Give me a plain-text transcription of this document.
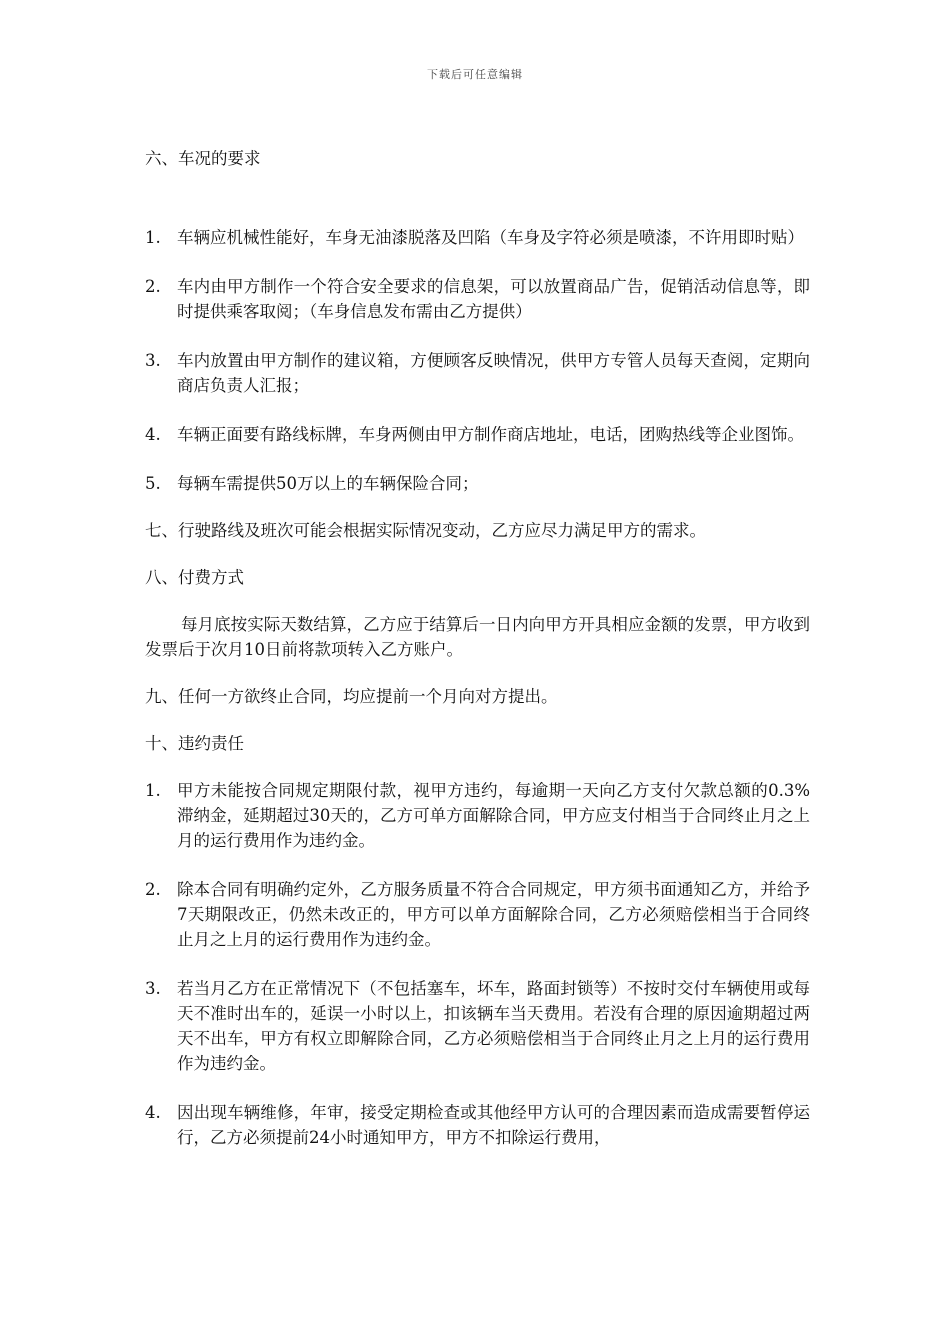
下载后可任意编辑

六、车况的要求

1. 车辆应机械性能好，车身无油漆脱落及凹陷（车身及字符必须是喷漆，不许用即时贴）
2. 车内由甲方制作一个符合安全要求的信息架，可以放置商品广告，促销活动信息等，即时提供乘客取阅；（车身信息发布需由乙方提供）
3. 车内放置由甲方制作的建议箱，方便顾客反映情况，供甲方专管人员每天查阅，定期向商店负责人汇报；
4. 车辆正面要有路线标牌，车身两侧由甲方制作商店地址，电话，团购热线等企业图饰。
5. 每辆车需提供50万以上的车辆保险合同；

七、行驶路线及班次可能会根据实际情况变动，乙方应尽力满足甲方的需求。

八、付费方式

每月底按实际天数结算，乙方应于结算后一日内向甲方开具相应金额的发票，甲方收到发票后于次月10日前将款项转入乙方账户。

九、任何一方欲终止合同，均应提前一个月向对方提出。

十、违约责任

1. 甲方未能按合同规定期限付款，视甲方违约，每逾期一天向乙方支付欠款总额的0.3%滞纳金，延期超过30天的，乙方可单方面解除合同，甲方应支付相当于合同终止月之上月的运行费用作为违约金。
2. 除本合同有明确约定外，乙方服务质量不符合合同规定，甲方须书面通知乙方，并给予7天期限改正，仍然未改正的，甲方可以单方面解除合同，乙方必须赔偿相当于合同终止月之上月的运行费用作为违约金。
3. 若当月乙方在正常情况下（不包括塞车，坏车，路面封锁等）不按时交付车辆使用或每天不准时出车的，延误一小时以上，扣该辆车当天费用。若没有合理的原因逾期超过两天不出车，甲方有权立即解除合同，乙方必须赔偿相当于合同终止月之上月的运行费用作为违约金。
4. 因出现车辆维修，年审，接受定期检查或其他经甲方认可的合理因素而造成需要暂停运行，乙方必须提前24小时通知甲方，甲方不扣除运行费用，
